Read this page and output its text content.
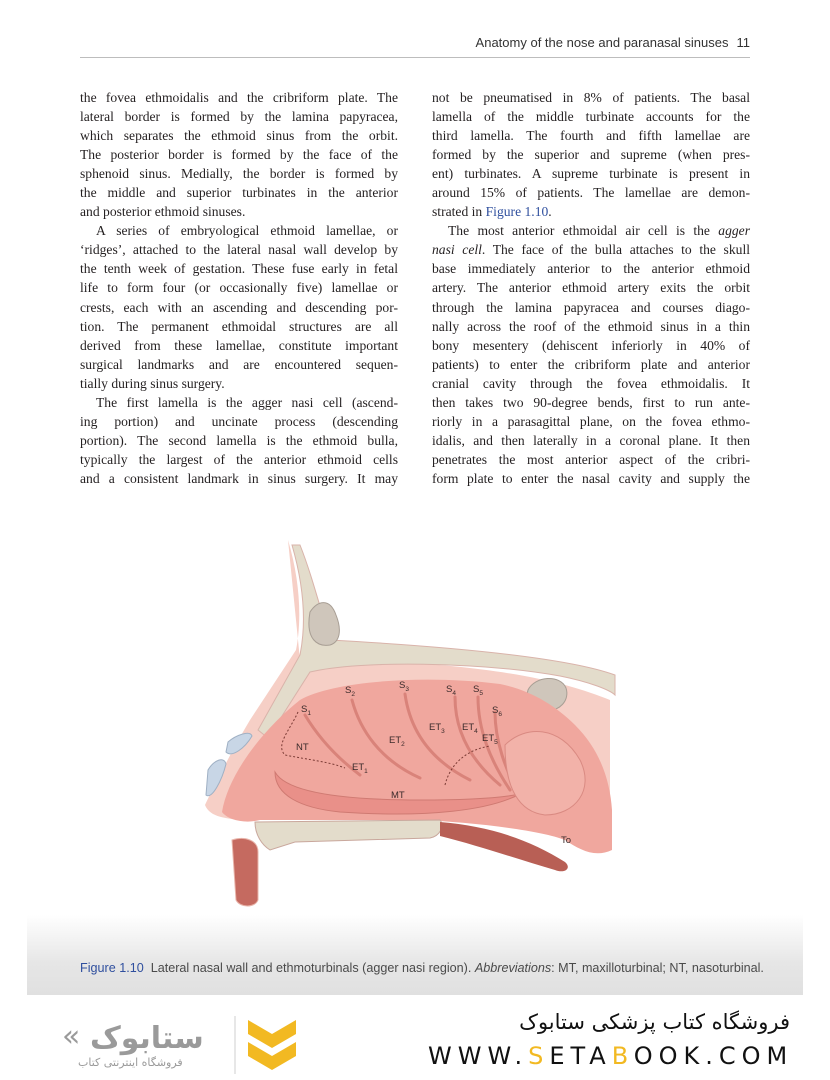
Anatomy of the nose and paranasal sinuses 11
the fovea ethmoidalis and the cribriform plate. The
lateral border is formed by the lamina papyracea,
which separates the ethmoid sinus from the orbit.
The posterior border is formed by the face of the
sphenoid sinus. Medially, the border is formed by
the middle and superior turbinates in the anterior
and posterior ethmoid sinuses.
A series of embryological ethmoid lamellae, or
‘ridges’, attached to the lateral nasal wall develop by
the tenth week of gestation. These fuse early in fetal
life to form four (or occasionally five) lamellae or
crests, each with an ascending and descending por-
tion. The permanent ethmoidal structures are all
derived from these lamellae, constitute important
surgical landmarks and are encountered sequen-
tially during sinus surgery.
The first lamella is the agger nasi cell (ascend-
ing portion) and uncinate process (descending
portion). The second lamella is the ethmoid bulla,
typically the largest of the anterior ethmoid cells
and a consistent landmark in sinus surgery. It may
not be pneumatised in 8% of patients. The basal
lamella of the middle turbinate accounts for the
third lamella. The fourth and fifth lamellae are
formed by the superior and supreme (when pres-
ent) turbinates. A supreme turbinate is present in
around 15% of patients. The lamellae are demon-
strated in Figure 1.10.
The most anterior ethmoidal air cell is the agger
nasi cell. The face of the bulla attaches to the skull
base immediately anterior to the anterior ethmoid
artery. The anterior ethmoid artery exits the orbit
through the lamina papyracea and courses diago-
nally across the roof of the ethmoid sinus in a thin
bony mesentery (dehiscent inferiorly in 40% of
patients) to enter the cribriform plate and anterior
cranial cavity through the fovea ethmoidalis. It
then takes two 90-degree bends, first to run ante-
riorly in a parasagittal plane, on the fovea ethmo-
idalis, and then laterally in a coronal plane. It then
penetrates the most anterior aspect of the cribri-
form plate to enter the nasal cavity and supply the
$S_1$
$S_2$
$S_3$	$S_4$ $S_5$
$S_6$
NT
$ET_1$
$ET_2$
$ET_3$ $ET_4$
$ET_5$
MT
To
Figure 1.10 Lateral nasal wall and ethmoturbinals (agger nasi region). Abbreviations: MT, maxilloturbinal; NT, nasoturbinal.
« ستابوک
فروشگاه اینترنتی کتاب
فروشگاه کتاب پزشکی ستابوک
WWW.SETABOOK.COM
